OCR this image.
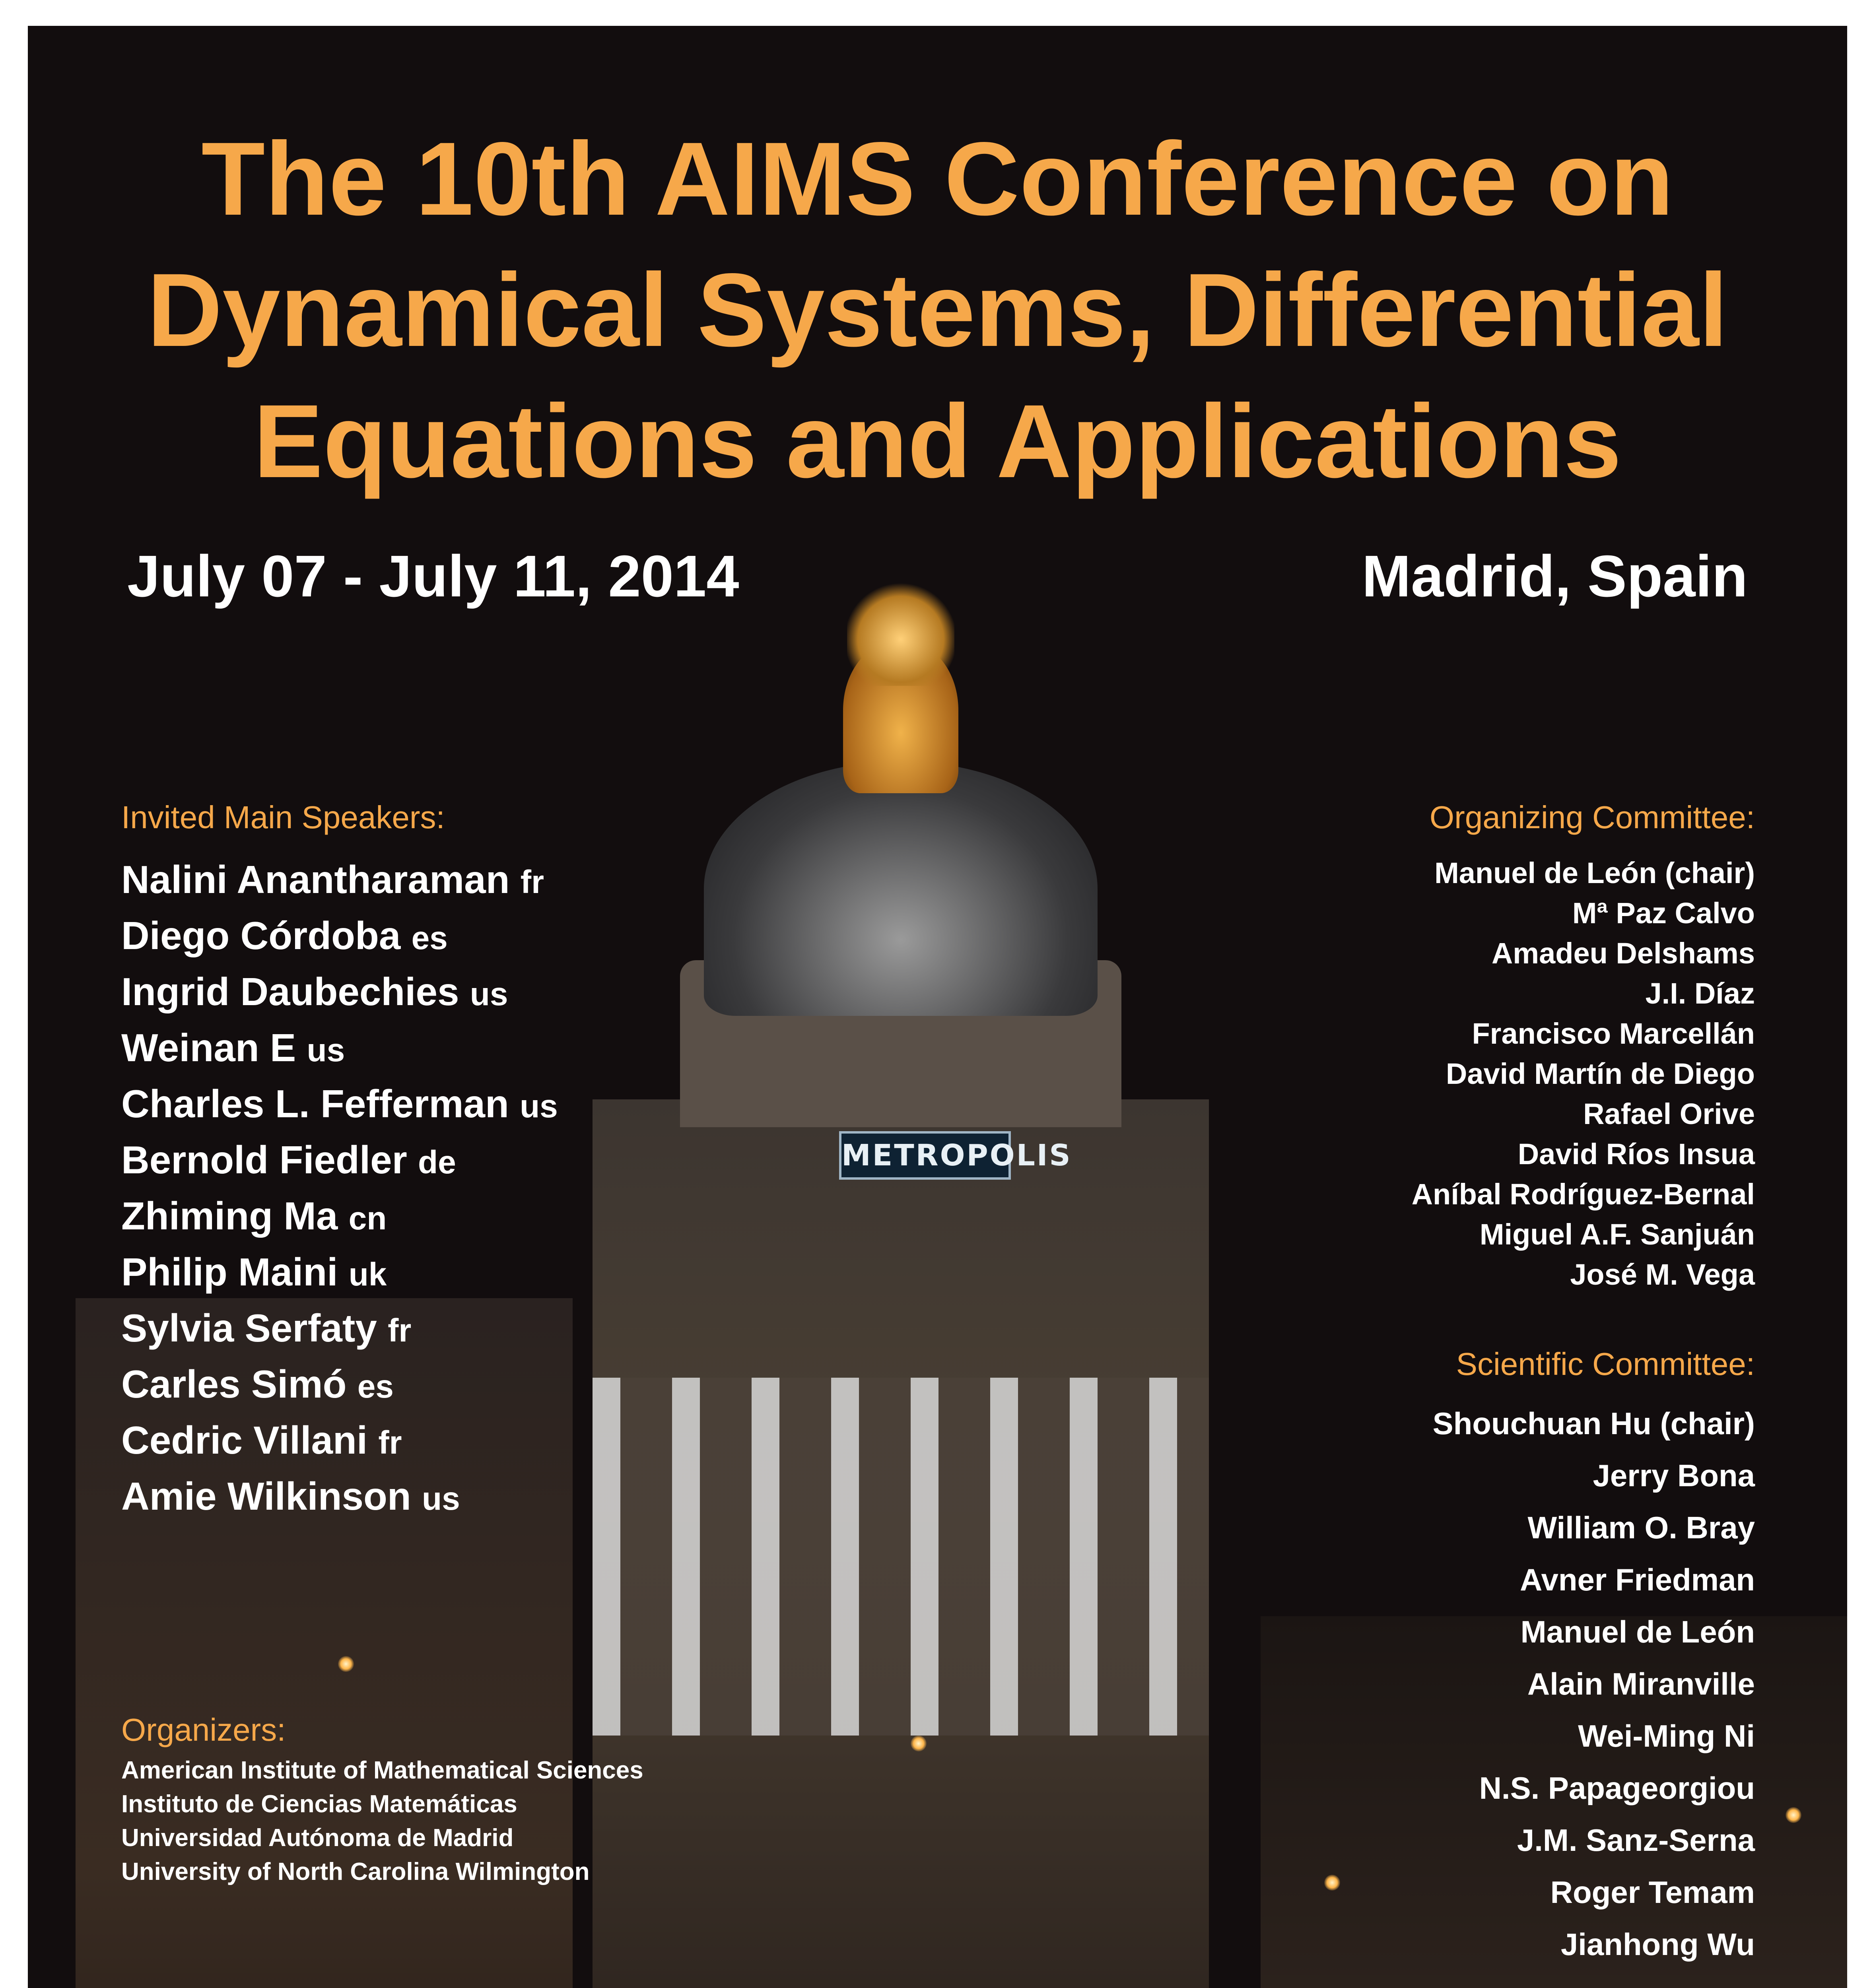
METROPOLIS
The 10th AIMS Conference on
Dynamical Systems, Differential
Equations and Applications
July 07 - July 11, 2014	Madrid, Spain
Invited Main Speakers:
Nalini Anantharaman fr
Diego Córdoba es
Ingrid Daubechies us
Weinan E us
Charles L. Fefferman us
Bernold Fiedler de
Zhiming Ma cn
Philip Maini uk
Sylvia Serfaty fr
Carles Simó es
Cedric Villani fr
Amie Wilkinson us
Organizing Committee:
Manuel de León (chair)
Mª Paz Calvo
Amadeu Delshams
J.I. Díaz
Francisco Marcellán
David Martín de Diego
Rafael Orive
David Ríos Insua
Aníbal Rodríguez-Bernal
Miguel A.F. Sanjuán
José M. Vega
Scientific Committee:
Shouchuan Hu (chair)
Jerry Bona
William O. Bray
Avner Friedman
Manuel de León
Alain Miranville
Wei-Ming Ni
N.S. Papageorgiou
J.M. Sanz-Serna
Roger Temam
Jianhong Wu
Organizers:
American Institute of Mathematical Sciences
Instituto de Ciencias Matemáticas
Universidad Autónoma de Madrid
University of North Carolina Wilmington
